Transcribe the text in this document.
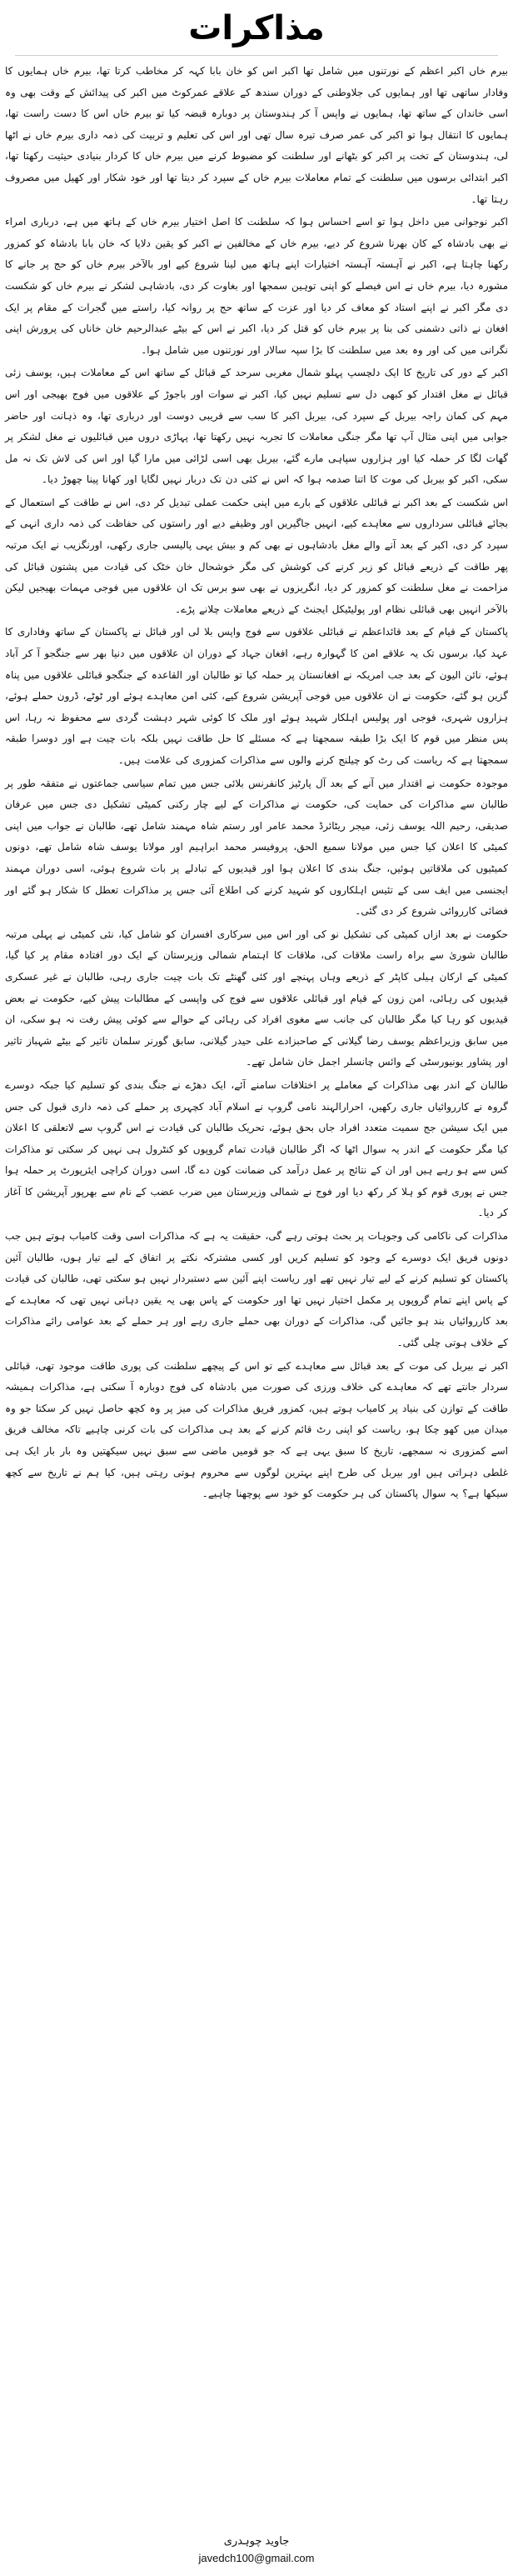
مذاکرات

بیرم خاں اکبر اعظم کے نورتنوں میں شامل تھا اکبر اس کو خان بابا کہہ کر مخاطب کرتا تھا، بیرم خاں ہمایوں کا وفادار ساتھی تھا اور ہمایوں کی جلاوطنی کے دوران سندھ کے علاقے عمرکوٹ میں اکبر کی پیدائش کے وقت بھی وہ اسی خاندان کے ساتھ تھا، ہمایوں نے واپس آ کر ہندوستان پر دوبارہ قبضہ کیا تو بیرم خاں اس کا دست راست تھا، ہمایوں کا انتقال ہوا تو اکبر کی عمر صرف تیرہ سال تھی اور اس کی تعلیم و تربیت کی ذمہ داری بیرم خاں نے اٹھا لی، ہندوستان کے تخت پر اکبر کو بٹھانے اور سلطنت کو مضبوط کرنے میں بیرم خاں کا کردار بنیادی حیثیت رکھتا تھا، اکبر ابتدائی برسوں میں سلطنت کے تمام معاملات بیرم خاں کے سپرد کر دیتا تھا اور خود شکار اور کھیل میں مصروف رہتا تھا۔

اکبر نوجوانی میں داخل ہوا تو اسے احساس ہوا کہ سلطنت کا اصل اختیار بیرم خاں کے ہاتھ میں ہے، درباری امراء نے بھی بادشاہ کے کان بھرنا شروع کر دیے، بیرم خاں کے مخالفین نے اکبر کو یقین دلایا کہ خان بابا بادشاہ کو کمزور رکھنا چاہتا ہے، اکبر نے آہستہ آہستہ اختیارات اپنے ہاتھ میں لینا شروع کیے اور بالآخر بیرم خاں کو حج پر جانے کا مشورہ دیا، بیرم خاں نے اس فیصلے کو اپنی توہین سمجھا اور بغاوت کر دی، بادشاہی لشکر نے بیرم خاں کو شکست دی مگر اکبر نے اپنے استاد کو معاف کر دیا اور عزت کے ساتھ حج پر روانہ کیا، راستے میں گجرات کے مقام پر ایک افغان نے ذاتی دشمنی کی بنا پر بیرم خاں کو قتل کر دیا، اکبر نے اس کے بیٹے عبدالرحیم خان خاناں کی پرورش اپنی نگرانی میں کی اور وہ بعد میں سلطنت کا بڑا سپہ سالار اور نورتنوں میں شامل ہوا۔

اکبر کے دور کی تاریخ کا ایک دلچسپ پہلو شمال مغربی سرحد کے قبائل کے ساتھ اس کے معاملات ہیں، یوسف زئی قبائل نے مغل اقتدار کو کبھی دل سے تسلیم نہیں کیا، اکبر نے سوات اور باجوڑ کے علاقوں میں فوج بھیجی اور اس مہم کی کمان راجہ بیربل کے سپرد کی، بیربل اکبر کا سب سے قریبی دوست اور درباری تھا، وہ ذہانت اور حاضر جوابی میں اپنی مثال آپ تھا مگر جنگی معاملات کا تجربہ نہیں رکھتا تھا، پہاڑی دروں میں قبائلیوں نے مغل لشکر پر گھات لگا کر حملہ کیا اور ہزاروں سپاہی مارے گئے، بیربل بھی اسی لڑائی میں مارا گیا اور اس کی لاش تک نہ مل سکی، اکبر کو بیربل کی موت کا اتنا صدمہ ہوا کہ اس نے کئی دن تک دربار نہیں لگایا اور کھانا پینا چھوڑ دیا۔

اس شکست کے بعد اکبر نے قبائلی علاقوں کے بارے میں اپنی حکمت عملی تبدیل کر دی، اس نے طاقت کے استعمال کے بجائے قبائلی سرداروں سے معاہدے کیے، انہیں جاگیریں اور وظیفے دیے اور راستوں کی حفاظت کی ذمہ داری انہی کے سپرد کر دی، اکبر کے بعد آنے والے مغل بادشاہوں نے بھی کم و بیش یہی پالیسی جاری رکھی، اورنگزیب نے ایک مرتبہ پھر طاقت کے ذریعے قبائل کو زیر کرنے کی کوشش کی مگر خوشحال خان خٹک کی قیادت میں پشتون قبائل کی مزاحمت نے مغل سلطنت کو کمزور کر دیا، انگریزوں نے بھی سو برس تک ان علاقوں میں فوجی مہمات بھیجیں لیکن بالآخر انہیں بھی قبائلی نظام اور پولیٹیکل ایجنٹ کے ذریعے معاملات چلانے پڑے۔

پاکستان کے قیام کے بعد قائداعظم نے قبائلی علاقوں سے فوج واپس بلا لی اور قبائل نے پاکستان کے ساتھ وفاداری کا عہد کیا، برسوں تک یہ علاقے امن کا گہوارہ رہے، افغان جہاد کے دوران ان علاقوں میں دنیا بھر سے جنگجو آ کر آباد ہوئے، نائن الیون کے بعد جب امریکہ نے افغانستان پر حملہ کیا تو طالبان اور القاعدہ کے جنگجو قبائلی علاقوں میں پناہ گزین ہو گئے، حکومت نے ان علاقوں میں فوجی آپریشن شروع کیے، کئی امن معاہدے ہوئے اور ٹوٹے، ڈرون حملے ہوئے، ہزاروں شہری، فوجی اور پولیس اہلکار شہید ہوئے اور ملک کا کوئی شہر دہشت گردی سے محفوظ نہ رہا، اس پس منظر میں قوم کا ایک بڑا طبقہ سمجھتا ہے کہ مسئلے کا حل طاقت نہیں بلکہ بات چیت ہے اور دوسرا طبقہ سمجھتا ہے کہ ریاست کی رٹ کو چیلنج کرنے والوں سے مذاکرات کمزوری کی علامت ہیں۔

موجودہ حکومت نے اقتدار میں آنے کے بعد آل پارٹیز کانفرنس بلائی جس میں تمام سیاسی جماعتوں نے متفقہ طور پر طالبان سے مذاکرات کی حمایت کی، حکومت نے مذاکرات کے لیے چار رکنی کمیٹی تشکیل دی جس میں عرفان صدیقی، رحیم اللہ یوسف زئی، میجر ریٹائرڈ محمد عامر اور رستم شاہ مہمند شامل تھے، طالبان نے جواب میں اپنی کمیٹی کا اعلان کیا جس میں مولانا سمیع الحق، پروفیسر محمد ابراہیم اور مولانا یوسف شاہ شامل تھے، دونوں کمیٹیوں کی ملاقاتیں ہوئیں، جنگ بندی کا اعلان ہوا اور قیدیوں کے تبادلے پر بات شروع ہوئی، اسی دوران مہمند ایجنسی میں ایف سی کے تئیس اہلکاروں کو شہید کرنے کی اطلاع آئی جس پر مذاکرات تعطل کا شکار ہو گئے اور فضائی کارروائی شروع کر دی گئی۔

حکومت نے بعد ازاں کمیٹی کی تشکیل نو کی اور اس میں سرکاری افسران کو شامل کیا، نئی کمیٹی نے پہلی مرتبہ طالبان شوریٰ سے براہ راست ملاقات کی، ملاقات کا اہتمام شمالی وزیرستان کے ایک دور افتادہ مقام پر کیا گیا، کمیٹی کے ارکان ہیلی کاپٹر کے ذریعے وہاں پہنچے اور کئی گھنٹے تک بات چیت جاری رہی، طالبان نے غیر عسکری قیدیوں کی رہائی، امن زون کے قیام اور قبائلی علاقوں سے فوج کی واپسی کے مطالبات پیش کیے، حکومت نے بعض قیدیوں کو رہا کیا مگر طالبان کی جانب سے مغوی افراد کی رہائی کے حوالے سے کوئی پیش رفت نہ ہو سکی، ان میں سابق وزیراعظم یوسف رضا گیلانی کے صاحبزادے علی حیدر گیلانی، سابق گورنر سلمان تاثیر کے بیٹے شہباز تاثیر اور پشاور یونیورسٹی کے وائس چانسلر اجمل خان شامل تھے۔

طالبان کے اندر بھی مذاکرات کے معاملے پر اختلافات سامنے آئے، ایک دھڑے نے جنگ بندی کو تسلیم کیا جبکہ دوسرے گروہ نے کارروائیاں جاری رکھیں، احرارالہند نامی گروپ نے اسلام آباد کچہری پر حملے کی ذمہ داری قبول کی جس میں ایک سیشن جج سمیت متعدد افراد جاں بحق ہوئے، تحریک طالبان کی قیادت نے اس گروپ سے لاتعلقی کا اعلان کیا مگر حکومت کے اندر یہ سوال اٹھا کہ اگر طالبان قیادت تمام گروپوں کو کنٹرول ہی نہیں کر سکتی تو مذاکرات کس سے ہو رہے ہیں اور ان کے نتائج پر عمل درآمد کی ضمانت کون دے گا، اسی دوران کراچی ایئرپورٹ پر حملہ ہوا جس نے پوری قوم کو ہلا کر رکھ دیا اور فوج نے شمالی وزیرستان میں ضرب عضب کے نام سے بھرپور آپریشن کا آغاز کر دیا۔

مذاکرات کی ناکامی کی وجوہات پر بحث ہوتی رہے گی، حقیقت یہ ہے کہ مذاکرات اسی وقت کامیاب ہوتے ہیں جب دونوں فریق ایک دوسرے کے وجود کو تسلیم کریں اور کسی مشترکہ نکتے پر اتفاق کے لیے تیار ہوں، طالبان آئین پاکستان کو تسلیم کرنے کے لیے تیار نہیں تھے اور ریاست اپنے آئین سے دستبردار نہیں ہو سکتی تھی، طالبان کی قیادت کے پاس اپنے تمام گروپوں پر مکمل اختیار نہیں تھا اور حکومت کے پاس بھی یہ یقین دہانی نہیں تھی کہ معاہدے کے بعد کارروائیاں بند ہو جائیں گی، مذاکرات کے دوران بھی حملے جاری رہے اور ہر حملے کے بعد عوامی رائے مذاکرات کے خلاف ہوتی چلی گئی۔

اکبر نے بیربل کی موت کے بعد قبائل سے معاہدے کیے تو اس کے پیچھے سلطنت کی پوری طاقت موجود تھی، قبائلی سردار جانتے تھے کہ معاہدے کی خلاف ورزی کی صورت میں بادشاہ کی فوج دوبارہ آ سکتی ہے، مذاکرات ہمیشہ طاقت کے توازن کی بنیاد پر کامیاب ہوتے ہیں، کمزور فریق مذاکرات کی میز پر وہ کچھ حاصل نہیں کر سکتا جو وہ میدان میں کھو چکا ہو، ریاست کو اپنی رٹ قائم کرنے کے بعد ہی مذاکرات کی بات کرنی چاہیے تاکہ مخالف فریق اسے کمزوری نہ سمجھے، تاریخ کا سبق یہی ہے کہ جو قومیں ماضی سے سبق نہیں سیکھتیں وہ بار بار ایک ہی غلطی دہراتی ہیں اور بیربل کی طرح اپنے بہترین لوگوں سے محروم ہوتی رہتی ہیں، کیا ہم نے تاریخ سے کچھ سیکھا ہے؟ یہ سوال پاکستان کی ہر حکومت کو خود سے پوچھنا چاہیے۔

جاوید چوہدری
javedch100@gmail.com
